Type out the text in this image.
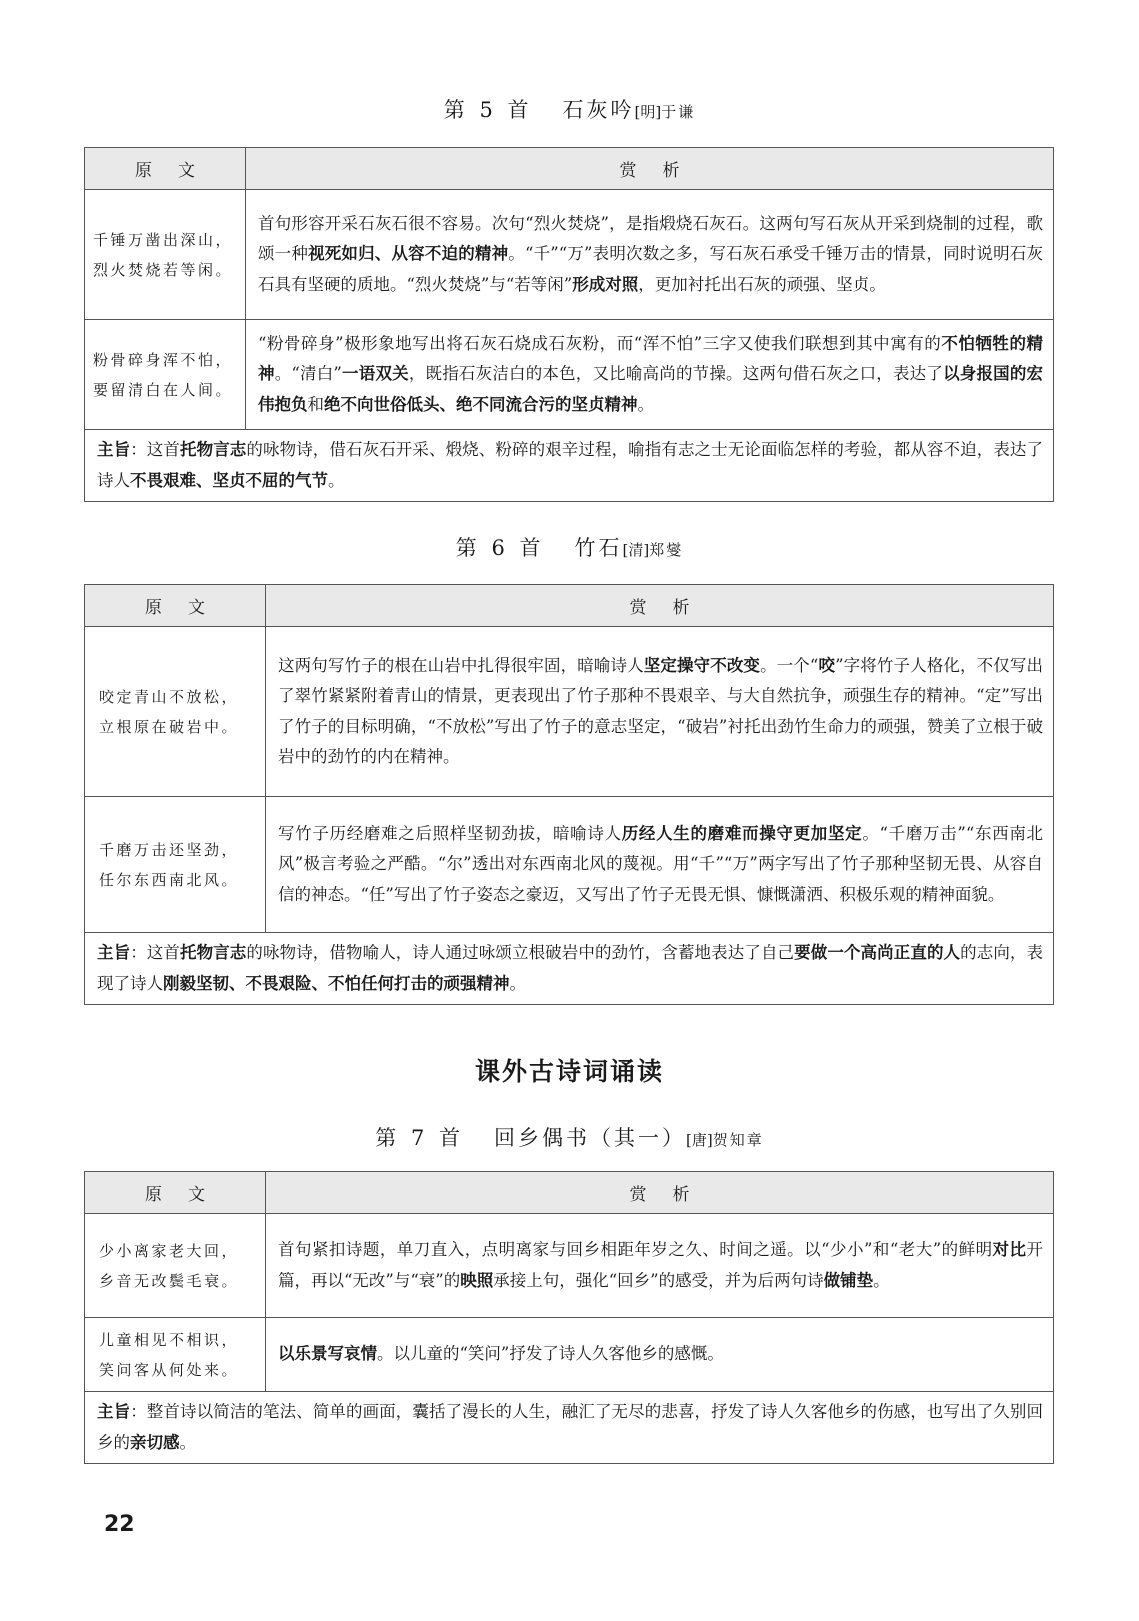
第 5 首 石灰吟[明]于谦
原文	赏析

千锤万凿出深山，
烈火焚烧若等闲。	首句形容开采石灰石很不容易。次句“烈火焚烧”，是指煅烧石灰石。这两句写石灰从开采到烧制的过程，歌颂一种视死如归、从容不迫的精神。“千”“万”表明次数之多，写石灰石承受千锤万击的情景，同时说明石灰石具有坚硬的质地。“烈火焚烧”与“若等闲”形成对照，更加衬托出石灰的顽强、坚贞。

粉骨碎身浑不怕，
要留清白在人间。	“粉骨碎身”极形象地写出将石灰石烧成石灰粉，而“浑不怕”三字又使我们联想到其中寓有的不怕牺牲的精神。“清白”一语双关，既指石灰洁白的本色，又比喻高尚的节操。这两句借石灰之口，表达了以身报国的宏伟抱负和绝不向世俗低头、绝不同流合污的坚贞精神。
主旨：这首托物言志的咏物诗，借石灰石开采、煅烧、粉碎的艰辛过程，喻指有志之士无论面临怎样的考验，都从容不迫，表达了诗人不畏艰难、坚贞不屈的气节。	
第 6 首 竹石[清]郑燮
原文	赏析

咬定青山不放松，
立根原在破岩中。	这两句写竹子的根在山岩中扎得很牢固，暗喻诗人坚定操守不改变。一个“咬”字将竹子人格化，不仅写出了翠竹紧紧附着青山的情景，更表现出了竹子那种不畏艰辛、与大自然抗争，顽强生存的精神。“定”写出了竹子的目标明确，“不放松”写出了竹子的意志坚定，“破岩”衬托出劲竹生命力的顽强，赞美了立根于破岩中的劲竹的内在精神。

千磨万击还坚劲，
任尔东西南北风。	写竹子历经磨难之后照样坚韧劲拔，暗喻诗人历经人生的磨难而操守更加坚定。“千磨万击”“东西南北风”极言考验之严酷。“尔”透出对东西南北风的蔑视。用“千”“万”两字写出了竹子那种坚韧无畏、从容自信的神态。“任”写出了竹子姿态之豪迈，又写出了竹子无畏无惧、慷慨潇洒、积极乐观的精神面貌。
主旨：这首托物言志的咏物诗，借物喻人，诗人通过咏颂立根破岩中的劲竹，含蓄地表达了自己要做一个高尚正直的人的志向，表现了诗人刚毅坚韧、不畏艰险、不怕任何打击的顽强精神。	
课外古诗词诵读
第 7 首 回乡偶书（其一）[唐]贺知章
原文	赏析

少小离家老大回，
乡音无改鬓毛衰。	首句紧扣诗题，单刀直入，点明离家与回乡相距年岁之久、时间之遥。以“少小”和“老大”的鲜明对比开篇，再以“无改”与“衰”的映照承接上句，强化“回乡”的感受，并为后两句诗做铺垫。

儿童相见不相识，
笑问客从何处来。	以乐景写哀情。以儿童的“笑问”抒发了诗人久客他乡的感慨。
主旨：整首诗以简洁的笔法、简单的画面，囊括了漫长的人生，融汇了无尽的悲喜，抒发了诗人久客他乡的伤感，也写出了久别回乡的亲切感。	
22
